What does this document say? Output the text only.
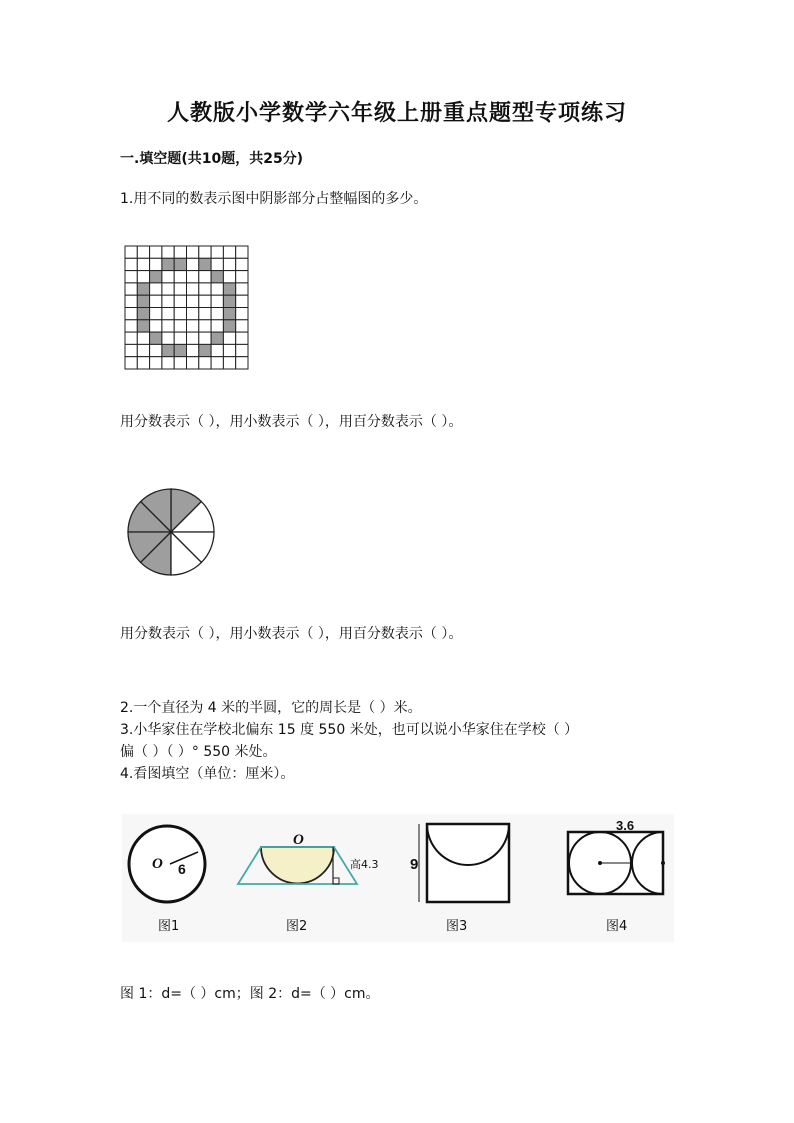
人教版小学数学六年级上册重点题型专项练习
一.填空题(共10题，共25分)
1.用不同的数表示图中阴影部分占整幅图的多少。
用分数表示（ ），用小数表示（ ），用百分数表示（ ）。
用分数表示（ ），用小数表示（ ），用百分数表示（ ）。
2.一个直径为 4 米的半圆，它的周长是（ ）米。
3.小华家住在学校北偏东 15 度 550 米处，也可以说小华家住在学校（ ）
偏（ ）（ ）° 550 米处。
4.看图填空（单位：厘米）。
O 6
图1
O
高4.3
图2
9
图3
3.6
图4
图 1：d=（ ）cm；图 2：d=（ ）cm。
